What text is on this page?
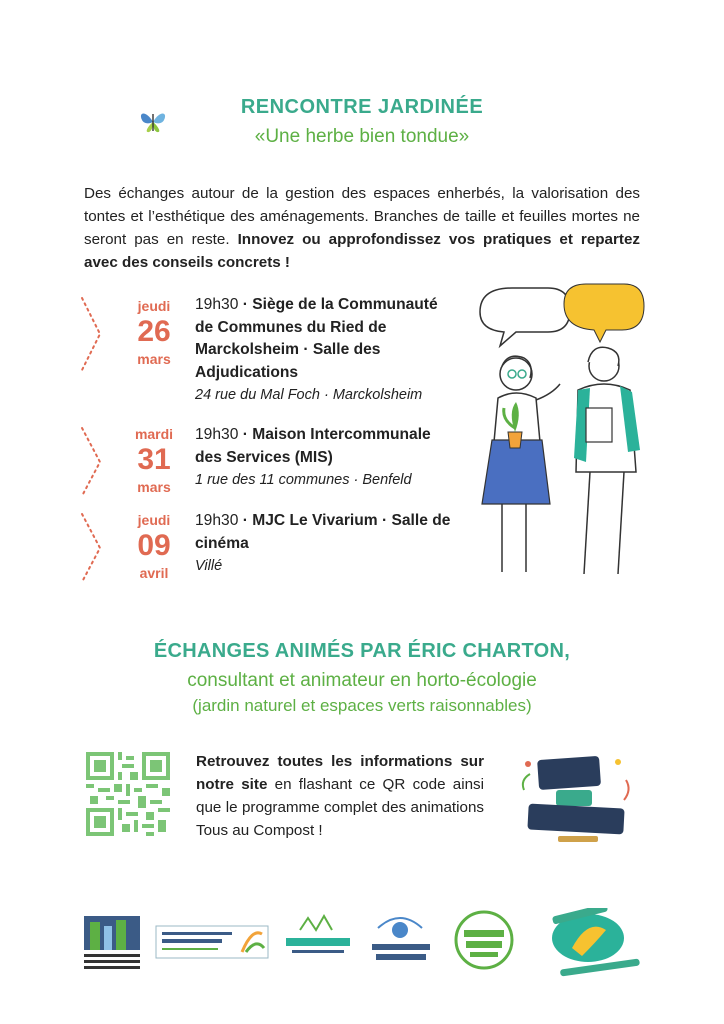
RENCONTRE JARDINÉE
«Une herbe bien tondue»
Des échanges autour de la gestion des espaces enherbés, la valorisation des tontes et l’esthétique des aménagements. Branches de taille et feuilles mortes ne seront pas en reste. Innovez ou approfondissez vos pratiques et repartez avec des conseils concrets !
jeudi
26
mars
19h30 · Siège de la Communauté de Communes du Ried de Marckolsheim · Salle des Adjudications
24 rue du Mal Foch · Marckolsheim
mardi
31
mars
19h30 · Maison Intercommunale des Services (MIS)
1 rue des 11 communes · Benfeld
jeudi
09
avril
19h30 · MJC Le Vivarium · Salle de cinéma
Villé
ÉCHANGES ANIMÉS PAR ÉRIC CHARTON,
consultant et animateur en horto-écologie
(jardin naturel et espaces verts raisonnables)
Retrouvez toutes les informations sur notre site en flashant ce QR code ainsi que le programme complet des animations Tous au Compost !
